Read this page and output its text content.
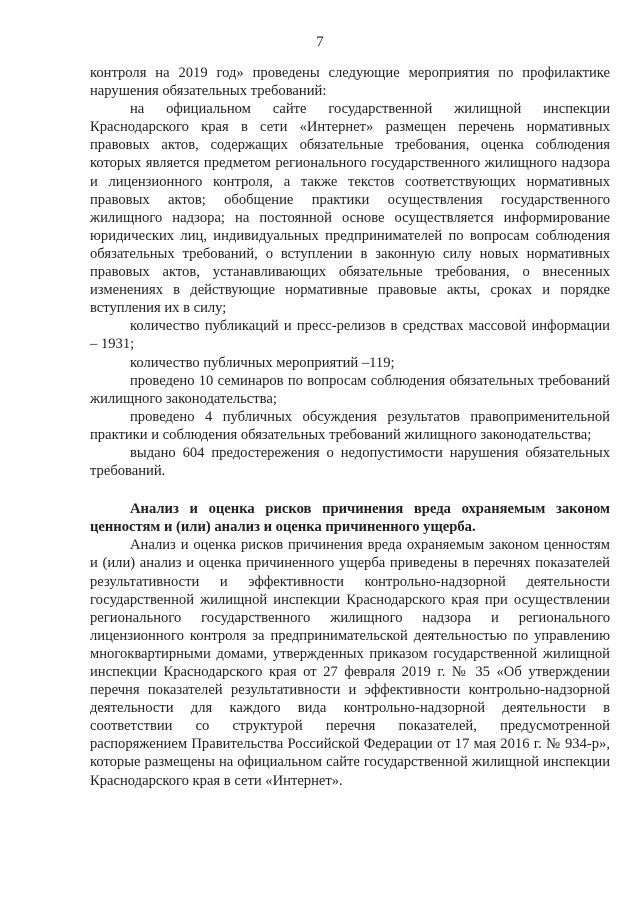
7

контроля на 2019 год» проведены следующие мероприятия по профилактике нарушения обязательных требований:

на официальном сайте государственной жилищной инспекции Краснодарского края в сети «Интернет» размещен перечень нормативных правовых актов, содержащих обязательные требования, оценка соблюдения которых является предметом регионального государственного жилищного надзора и лицензионного контроля, а также текстов соответствующих нормативных правовых актов; обобщение практики осуществления государственного жилищного надзора; на постоянной основе осуществляется информирование юридических лиц, индивидуальных предпринимателей по вопросам соблюдения обязательных требований, о вступлении в законную силу новых нормативных правовых актов, устанавливающих обязательные требования, о внесенных изменениях в действующие нормативные правовые акты, сроках и порядке вступления их в силу;

количество публикаций и пресс-релизов в средствах массовой информации – 1931;

количество публичных мероприятий –119;

проведено 10 семинаров по вопросам соблюдения обязательных требований жилищного законодательства;

проведено 4 публичных обсуждения результатов правоприменительной практики и соблюдения обязательных требований жилищного законодательства;

выдано 604 предостережения о недопустимости нарушения обязательных требований.

Анализ и оценка рисков причинения вреда охраняемым законом ценностям и (или) анализ и оценка причиненного ущерба.

Анализ и оценка рисков причинения вреда охраняемым законом ценностям и (или) анализ и оценка причиненного ущерба приведены в перечнях показателей результативности и эффективности контрольно-надзорной деятельности государственной жилищной инспекции Краснодарского края при осуществлении регионального государственного жилищного надзора и регионального лицензионного контроля за предпринимательской деятельностью по управлению многоквартирными домами, утвержденных приказом государственной жилищной инспекции Краснодарского края от 27 февраля 2019 г. № 35 «Об утверждении перечня показателей результативности и эффективности контрольно-надзорной деятельности для каждого вида контрольно-надзорной деятельности в соответствии со структурой перечня показателей, предусмотренной распоряжением Правительства Российской Федерации от 17 мая 2016 г. № 934-р», которые размещены на официальном сайте государственной жилищной инспекции Краснодарского края в сети «Интернет».
